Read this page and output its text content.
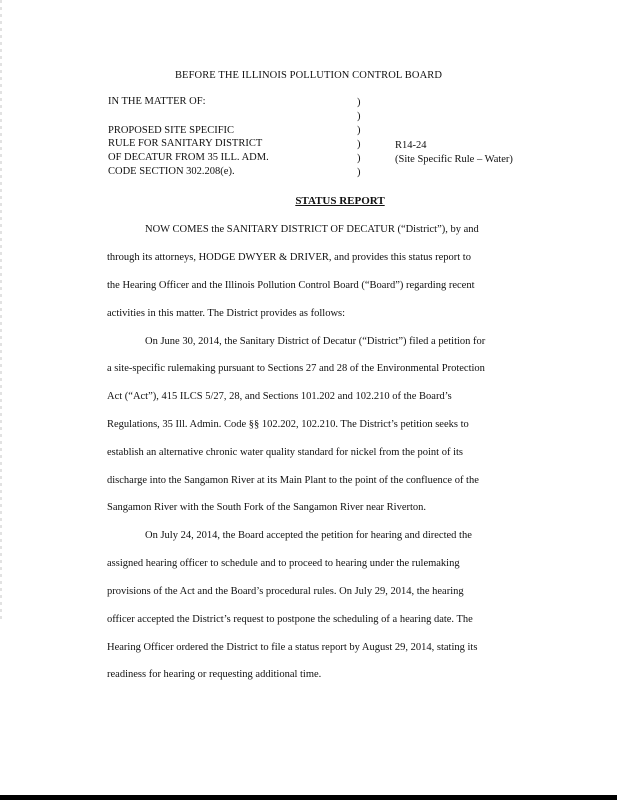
BEFORE THE ILLINOIS POLLUTION CONTROL BOARD
IN THE MATTER OF:
PROPOSED SITE SPECIFIC
RULE FOR SANITARY DISTRICT
OF DECATUR FROM 35 ILL. ADM.
CODE SECTION 302.208(e).
)
)
)
)
)
)
R14-24
(Site Specific Rule – Water)
STATUS REPORT
NOW COMES the SANITARY DISTRICT OF DECATUR (“District”), by and
through its attorneys, HODGE DWYER & DRIVER, and provides this status report to
the Hearing Officer and the Illinois Pollution Control Board (“Board”) regarding recent
activities in this matter. The District provides as follows:
On June 30, 2014, the Sanitary District of Decatur (“District”) filed a petition for
a site-specific rulemaking pursuant to Sections 27 and 28 of the Environmental Protection
Act (“Act”), 415 ILCS 5/27, 28, and Sections 101.202 and 102.210 of the Board’s
Regulations, 35 Ill. Admin. Code §§ 102.202, 102.210. The District’s petition seeks to
establish an alternative chronic water quality standard for nickel from the point of its
discharge into the Sangamon River at its Main Plant to the point of the confluence of the
Sangamon River with the South Fork of the Sangamon River near Riverton.
On July 24, 2014, the Board accepted the petition for hearing and directed the
assigned hearing officer to schedule and to proceed to hearing under the rulemaking
provisions of the Act and the Board’s procedural rules. On July 29, 2014, the hearing
officer accepted the District’s request to postpone the scheduling of a hearing date. The
Hearing Officer ordered the District to file a status report by August 29, 2014, stating its
readiness for hearing or requesting additional time.
